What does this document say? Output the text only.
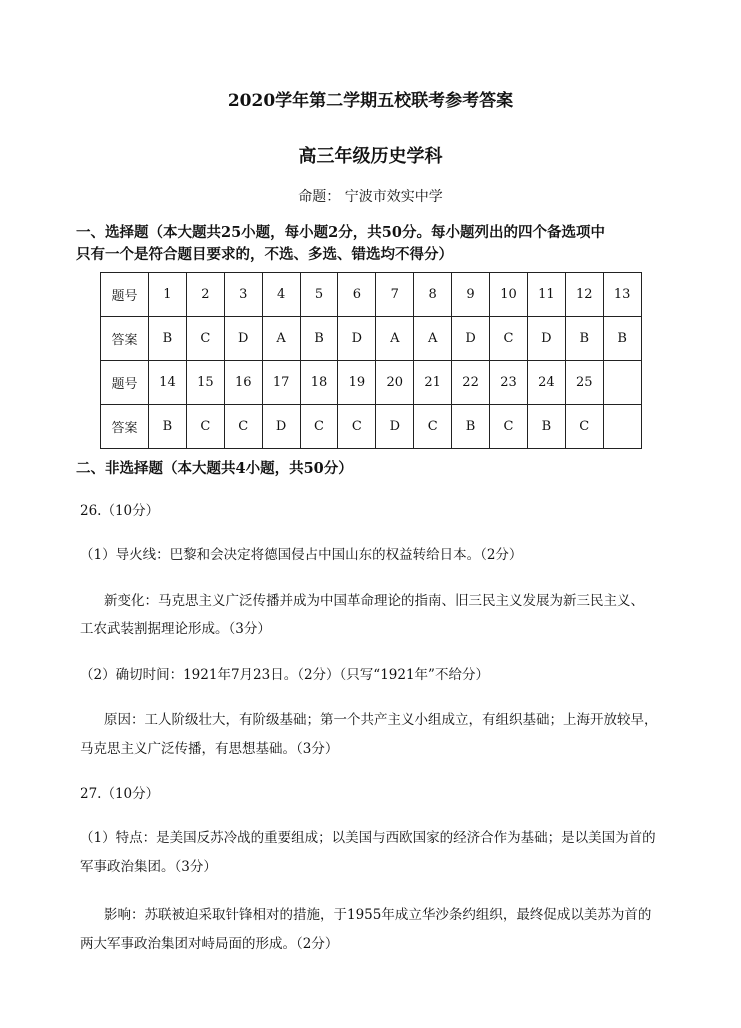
2020学年第二学期五校联考参考答案
高三年级历史学科
命题： 宁波市效实中学
一、选择题（本大题共25小题，每小题2分，共50分。每小题列出的四个备选项中
只有一个是符合题目要求的，不选、多选、错选均不得分）
题号	1	2	3	4	5	6	7	8	9	10	11	12	13
答案	B	C	D	A	B	D	A	A	D	C	D	B	B
题号	14	15	16	17	18	19	20	21	22	23	24	25	
答案	B	C	C	D	C	C	D	C	B	C	B	C	
二、非选择题（本大题共4小题，共50分）
26.（10分）
（1）导火线：巴黎和会决定将德国侵占中国山东的权益转给日本。（2分）
新变化：马克思主义广泛传播并成为中国革命理论的指南、旧三民主义发展为新三民主义、
工农武装割据理论形成。（3分）
（2）确切时间：1921年7月23日。（2分）（只写“1921年”不给分）
原因：工人阶级壮大，有阶级基础；第一个共产主义小组成立，有组织基础；上海开放较早，
马克思主义广泛传播，有思想基础。（3分）
27.（10分）
（1）特点：是美国反苏冷战的重要组成；以美国与西欧国家的经济合作为基础；是以美国为首的
军事政治集团。（3分）
影响：苏联被迫采取针锋相对的措施，于1955年成立华沙条约组织，最终促成以美苏为首的
两大军事政治集团对峙局面的形成。（2分）
